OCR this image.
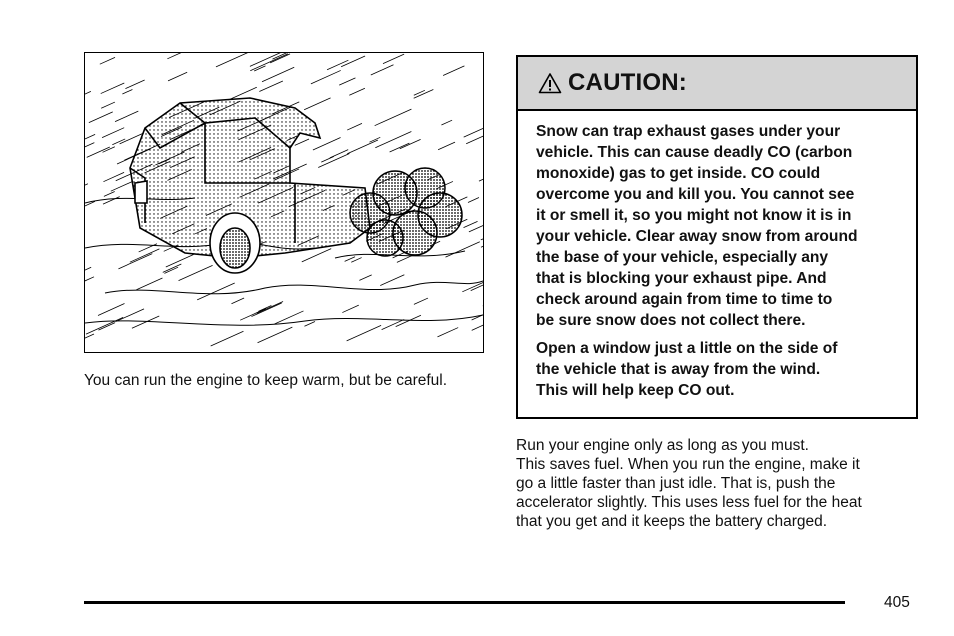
You can run the engine to keep warm, but be careful.
CAUTION:

Snow can trap exhaust gases under your
vehicle. This can cause deadly CO (carbon
monoxide) gas to get inside. CO could
overcome you and kill you. You cannot see
it or smell it, so you might not know it is in
your vehicle. Clear away snow from around
the base of your vehicle, especially any
that is blocking your exhaust pipe. And
check around again from time to time to
be sure snow does not collect there.

Open a window just a little on the side of
the vehicle that is away from the wind.
This will help keep CO out.

Run your engine only as long as you must.
This saves fuel. When you run the engine, make it
go a little faster than just idle. That is, push the
accelerator slightly. This uses less fuel for the heat
that you get and it keeps the battery charged.
405
